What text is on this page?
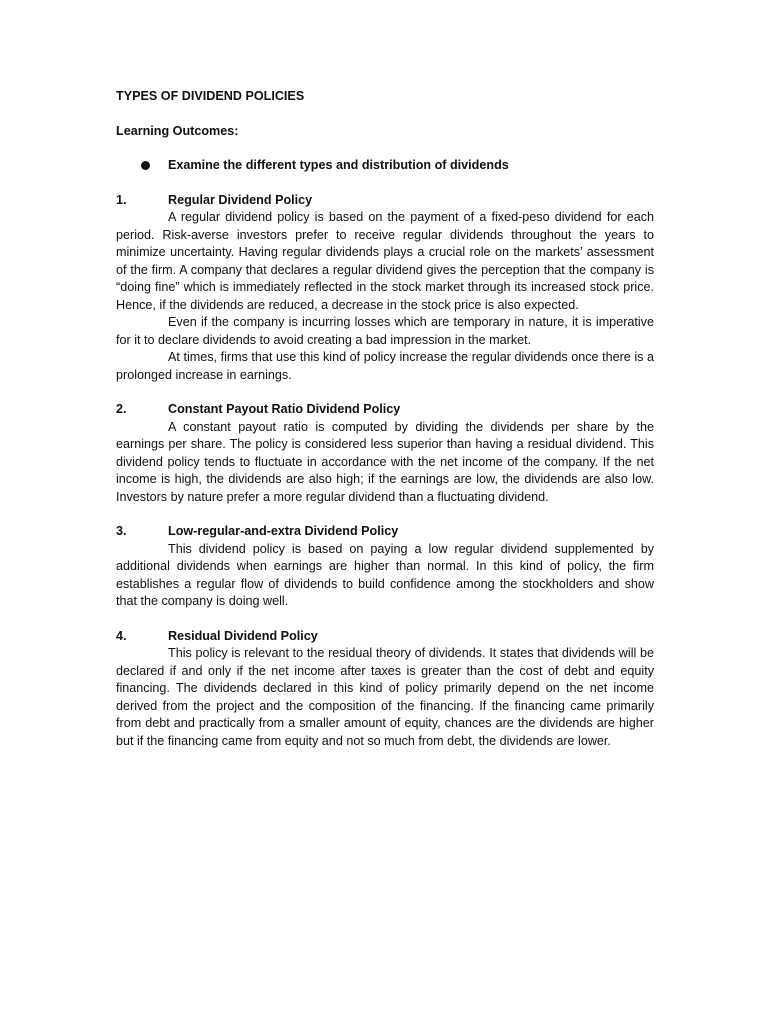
TYPES OF DIVIDEND POLICIES
Learning Outcomes:
Examine the different types and distribution of dividends
1.	Regular Dividend Policy

A regular dividend policy is based on the payment of a fixed-peso dividend for each period. Risk-averse investors prefer to receive regular dividends throughout the years to minimize uncertainty. Having regular dividends plays a crucial role on the markets’ assessment of the firm. A company that declares a regular dividend gives the perception that the company is “doing fine” which is immediately reflected in the stock market through its increased stock price. Hence, if the dividends are reduced, a decrease in the stock price is also expected.

Even if the company is incurring losses which are temporary in nature, it is imperative for it to declare dividends to avoid creating a bad impression in the market.

At times, firms that use this kind of policy increase the regular dividends once there is a prolonged increase in earnings.

2.	Constant Payout Ratio Dividend Policy

A constant payout ratio is computed by dividing the dividends per share by the earnings per share. The policy is considered less superior than having a residual dividend. This dividend policy tends to fluctuate in accordance with the net income of the company. If the net income is high, the dividends are also high; if the earnings are low, the dividends are also low. Investors by nature prefer a more regular dividend than a fluctuating dividend.

3.	Low-regular-and-extra Dividend Policy

This dividend policy is based on paying a low regular dividend supplemented by additional dividends when earnings are higher than normal. In this kind of policy, the firm establishes a regular flow of dividends to build confidence among the stockholders and show that the company is doing well.

4.	Residual Dividend Policy

This policy is relevant to the residual theory of dividends. It states that dividends will be declared if and only if the net income after taxes is greater than the cost of debt and equity financing. The dividends declared in this kind of policy primarily depend on the net income derived from the project and the composition of the financing. If the financing came primarily from debt and practically from a smaller amount of equity, chances are the dividends are higher but if the financing came from equity and not so much from debt, the dividends are lower.
